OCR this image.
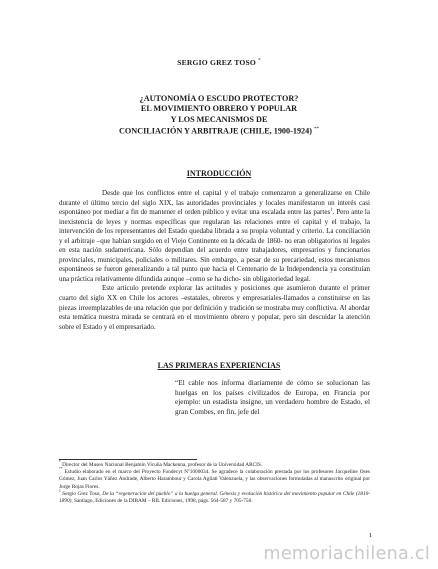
SERGIO GREZ TOSO *
¿AUTONOMÍA O ESCUDO PROTECTOR?
EL MOVIMIENTO OBRERO Y POPULAR
Y LOS MECANISMOS DE
CONCILIACIÓN Y ARBITRAJE (CHILE, 1900-1924) **
INTRODUCCIÓN

Desde que los conflictos entre el capital y el trabajo comenzaron a generalizarse en Chile durante el último tercio del siglo XIX, las autoridades provinciales y locales manifestaron un interés casi espontáneo por mediar a fin de mantener el orden público y evitar una escalada entre las partes$^1$. Pero ante la inexistencia de leyes y normas específicas que regularan las relaciones entre el capital y el trabajo, la intervención de los representantes del Estado quedaba librada a su propia voluntad y criterio. La conciliación y el arbitraje –que habían surgido en el Viejo Continente en la década de 1860- no eran obligatorios ni legales en esta nación sudamericana. Sólo dependían del acuerdo entre trabajadores, empresarios y funcionarios provinciales, municipales, policiales o militares. Sin embargo, a pesar de su precariedad, estos mecanismos espontáneos se fueron generalizando a tal punto que hacia el Centenario de la Independencia ya constituían una práctica relativamente difundida aunque –como se ha dicho- sin obligatoriedad legal.

Este artículo pretende explorar las actitudes y posiciones que asumieron durante el primer cuarto del siglo XX en Chile los actores –estatales, obreros y empresariales-llamados a constituirse en las piezas irreemplazables de una relación que por definición y tradición se mostraba muy conflictiva. Al abordar esta temática nuestra mirada se centrará en el movimiento obrero y popular, pero sin descuidar la atención sobre el Estado y el empresariado.

LAS PRIMERAS EXPERIENCIAS
“El cable nos informa diariamente de cómo se solucionan las huelgas en los países civilizados de Europa, en Francia por ejemplo: un estadista insigne, un verdadero hombre de Estado, el gran Combes, en fin, jefe del

* Director del Museo Nacional Benjamín Vicuña Mackenna, profesor de la Universidad ARCIS.

** Estudio elaborado en el marco del Proyecto Fondecyt Nº1000034. Se agradece la colaboración prestada por los profesores Jacqueline Oses Gómez, Juan Carlos Yáñez Andrade, Alberto Harambour y Carola Agliati Valenzuela, y las observaciones formuladas al manuscrito original por Jorge Rojas Flores.

$^1$ Sergio Grez Toso, De la “regeneración del pueblo” a la huelga general. Génesis y evolución histórica del movimiento popular en Chile (1810-1890), Santiago, Ediciones de la DIBAM – RIL Ediciones, 1998, págs. 564-587 y 705-750.

1
memoriachilena.cl
